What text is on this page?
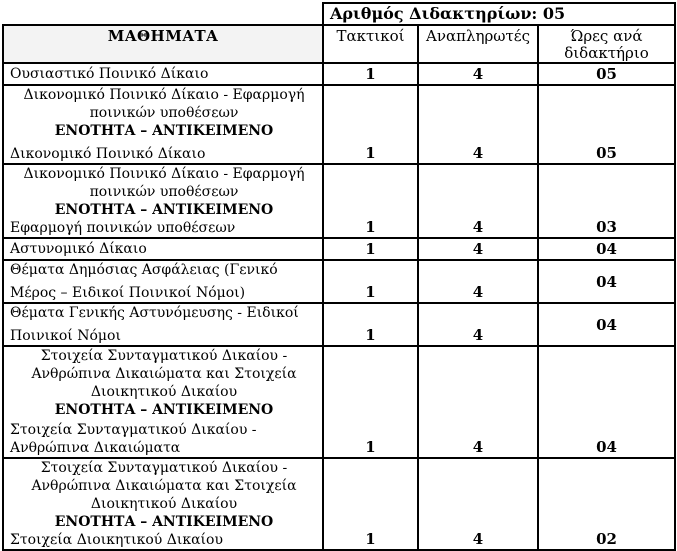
	Αριθμός Διδακτηρίων: 05		
ΜΑΘΗΜΑΤΑ	Τακτικοί	Αναπληρωτές	Ώρες ανά
διδακτήριο

Ουσιαστικό Ποινικό Δίκαιο	1	4	05

Δικονομικό Ποινικό Δίκαιο - Εφαρμογή
ποινικών υποθέσεων
ΕΝΟΤΗΤΑ – ΑΝΤΙΚΕΙΜΕΝΟ
Δικονομικό Ποινικό Δίκαιο	1	4	05

Δικονομικό Ποινικό Δίκαιο - Εφαρμογή
ποινικών υποθέσεων
ΕΝΟΤΗΤΑ – ΑΝΤΙΚΕΙΜΕΝΟ
Εφαρμογή ποινικών υποθέσεων	1	4	03

Αστυνομικό Δίκαιο	1	4	04

Θέματα Δημόσιας Ασφάλειας (Γενικό
Μέρος – Ειδικοί Ποινικοί Νόμοι)	1	4	04

Θέματα Γενικής Αστυνόμευσης - Ειδικοί
Ποινικοί Νόμοι	1	4	04

Στοιχεία Συνταγματικού Δικαίου -
Ανθρώπινα Δικαιώματα και Στοιχεία
Διοικητικού Δικαίου
ΕΝΟΤΗΤΑ – ΑΝΤΙΚΕΙΜΕΝΟ
Στοιχεία Συνταγματικού Δικαίου -
Ανθρώπινα Δικαιώματα	1	4	04

Στοιχεία Συνταγματικού Δικαίου -
Ανθρώπινα Δικαιώματα και Στοιχεία
Διοικητικού Δικαίου
ΕΝΟΤΗΤΑ – ΑΝΤΙΚΕΙΜΕΝΟ
Στοιχεία Διοικητικού Δικαίου	1	4	02
